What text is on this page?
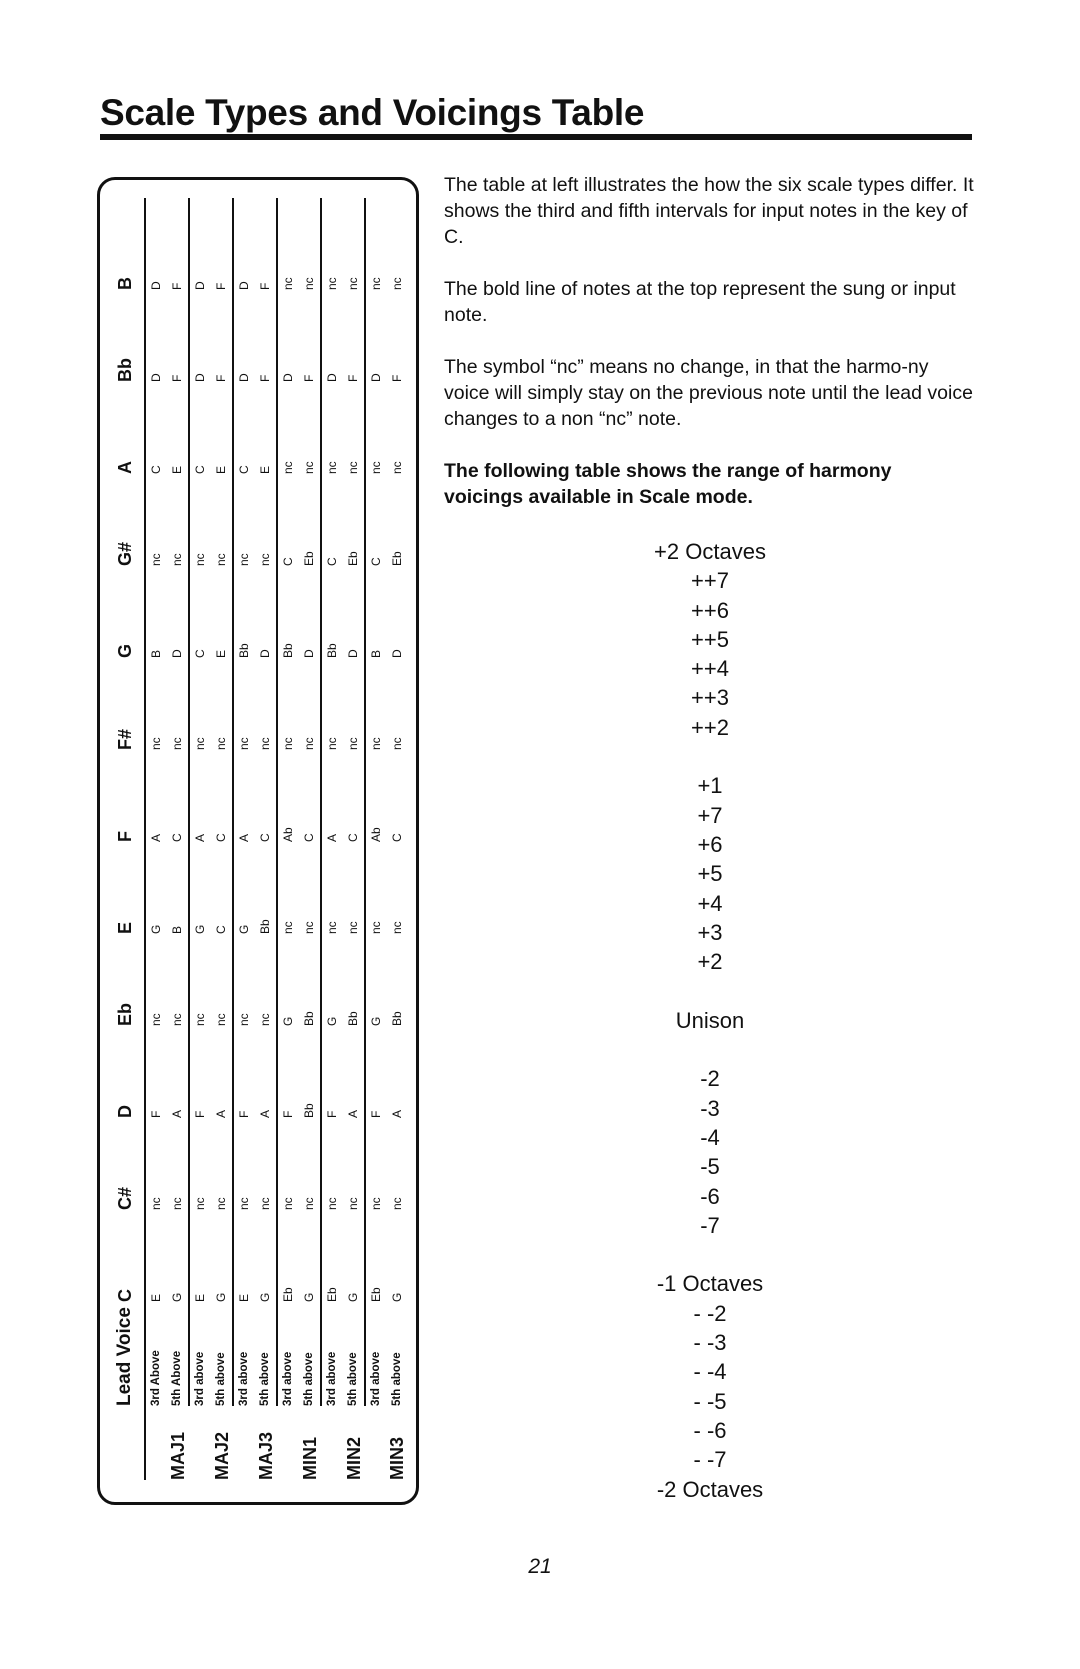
Scale Types and Voicings Table
	Lead Voice	C	C#	D	Eb	E	F	F#	G	G#	A	Bb	B
MAJ1	3rd Above	E	nc	F	nc	G	A	nc	B	nc	C	D	D
	5th Above	G	nc	A	nc	B	C	nc	D	nc	E	F	F
MAJ2	3rd above	E	nc	F	nc	G	A	nc	C	nc	C	D	D
	5th above	G	nc	A	nc	C	C	nc	E	nc	E	F	F
MAJ3	3rd above	E	nc	F	nc	G	A	nc	Bb	nc	C	D	D
	5th above	G	nc	A	nc	Bb	C	nc	D	nc	E	F	F
MIN1	3rd above	Eb	nc	F	G	nc	Ab	nc	Bb	C	nc	D	nc
	5th above	G	nc	Bb	Bb	nc	C	nc	D	Eb	nc	F	nc
MIN2	3rd above	Eb	nc	F	G	nc	A	nc	Bb	C	nc	D	nc
	5th above	G	nc	A	Bb	nc	C	nc	D	Eb	nc	F	nc
MIN3	3rd above	Eb	nc	F	G	nc	Ab	nc	B	C	nc	D	nc
	5th above	G	nc	A	Bb	nc	C	nc	D	Eb	nc	F	nc

The table at left illustrates the how the six scale types differ. It shows the third and fifth intervals for input notes in the key of C.

The bold line of notes at the top represent the sung or input note.

The symbol “nc” means no change, in that the harmo-ny voice will simply stay on the previous note until the lead voice changes to a non “nc” note.

The following table shows the range of harmony voicings available in Scale mode.

+2 Octaves
++7
++6
++5
++4
++3
++2
+1
+7
+6
+5
+4
+3
+2
Unison
-2
-3
-4
-5
-6
-7
-1 Octaves
- -2
- -3
- -4
- -5
- -6
- -7
-2 Octaves
21
